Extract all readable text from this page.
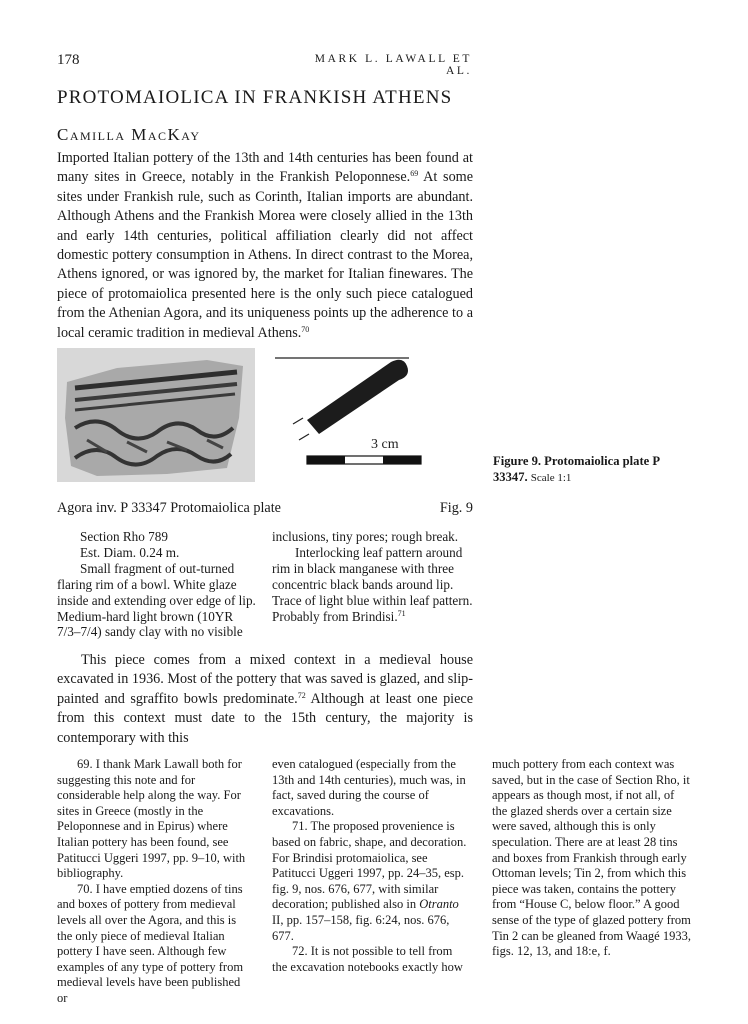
178	MARK L. LAWALL ET AL.
PROTOMAIOLICA IN FRANKISH ATHENS
Camilla MacKay

Imported Italian pottery of the 13th and 14th centuries has been found at many sites in Greece, notably in the Frankish Peloponnese.$^{69}$ At some sites under Frankish rule, such as Corinth, Italian imports are abundant. Although Athens and the Frankish Morea were closely allied in the 13th and early 14th centuries, political affiliation clearly did not affect domestic pottery consumption in Athens. In direct contrast to the Morea, Athens ignored, or was ignored by, the market for Italian finewares. The piece of protomaiolica presented here is the only such piece catalogued from the Athenian Agora, and its uniqueness points up the adherence to a local ceramic tradition in medieval Athens.$^{70}$

3 cm
Figure 9. Protomaiolica plate P 33347. Scale 1:1
Agora inv. P 33347 Protomaiolica plate	Fig. 9
Section Rho 789
Est. Diam. 0.24 m.
Small fragment of out-turned flaring rim of a bowl. White glaze inside and extending over edge of lip. Medium-hard light brown (10YR 7/3–7/4) sandy clay with no visible
inclusions, tiny pores; rough break.
Interlocking leaf pattern around rim in black manganese with three concentric black bands around lip. Trace of light blue within leaf pattern. Probably from Brindisi.$^{71}$

This piece comes from a mixed context in a medieval house excavated in 1936. Most of the pottery that was saved is glazed, and slip-painted and sgraffito bowls predominate.$^{72}$ Although at least one piece from this context must date to the 15th century, the majority is contemporary with this

69. I thank Mark Lawall both for suggesting this note and for considerable help along the way. For sites in Greece (mostly in the Peloponnese and in Epirus) where Italian pottery has been found, see Patitucci Uggeri 1997, pp. 9–10, with bibliography.

70. I have emptied dozens of tins and boxes of pottery from medieval levels all over the Agora, and this is the only piece of medieval Italian pottery I have seen. Although few examples of any type of pottery from medieval levels have been published or

even catalogued (especially from the 13th and 14th centuries), much was, in fact, saved during the course of excavations.

71. The proposed provenience is based on fabric, shape, and decoration. For Brindisi protomaiolica, see Patitucci Uggeri 1997, pp. 24–35, esp. fig. 9, nos. 676, 677, with similar decoration; published also in Otranto II, pp. 157–158, fig. 6:24, nos. 676, 677.

72. It is not possible to tell from the excavation notebooks exactly how

much pottery from each context was saved, but in the case of Section Rho, it appears as though most, if not all, of the glazed sherds over a certain size were saved, although this is only speculation. There are at least 28 tins and boxes from Frankish through early Ottoman levels; Tin 2, from which this piece was taken, contains the pottery from “House C, below floor.” A good sense of the type of glazed pottery from Tin 2 can be gleaned from Waagé 1933, figs. 12, 13, and 18:e, f.
